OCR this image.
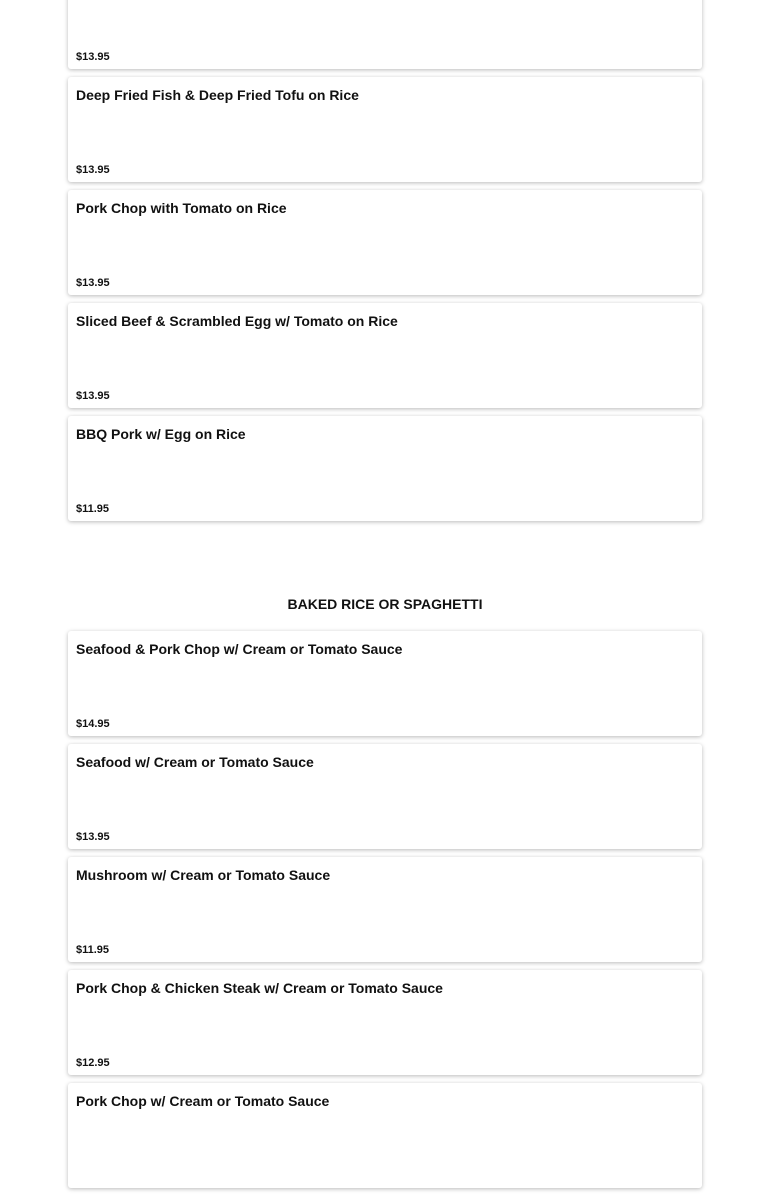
$13.95
Deep Fried Fish & Deep Fried Tofu on Rice
$13.95
Pork Chop with Tomato on Rice
$13.95
Sliced Beef & Scrambled Egg w/ Tomato on Rice
$13.95
BBQ Pork w/ Egg on Rice
$11.95
BAKED RICE OR SPAGHETTI
Seafood & Pork Chop w/ Cream or Tomato Sauce
$14.95
Seafood w/ Cream or Tomato Sauce
$13.95
Mushroom w/ Cream or Tomato Sauce
$11.95
Pork Chop & Chicken Steak w/ Cream or Tomato Sauce
$12.95
Pork Chop w/ Cream or Tomato Sauce
